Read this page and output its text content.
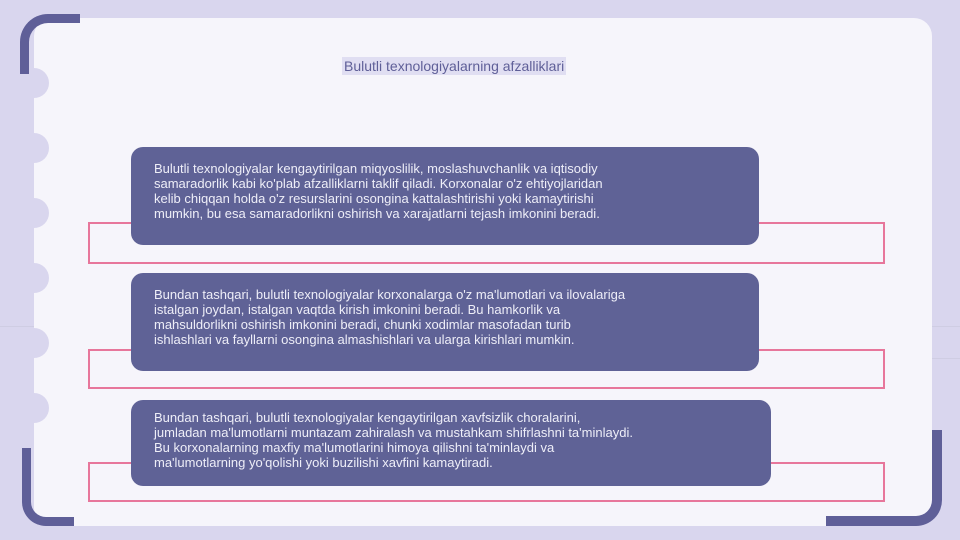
Bulutli texnologiyalarning afzalliklari

Bulutli texnologiyalar kengaytirilgan miqyoslilik, moslashuvchanlik va iqtisodiy
samaradorlik kabi ko'plab afzalliklarni taklif qiladi. Korxonalar o'z ehtiyojlaridan
kelib chiqqan holda o'z resurslarini osongina kattalashtirishi yoki kamaytirishi
mumkin, bu esa samaradorlikni oshirish va xarajatlarni tejash imkonini beradi.

Bundan tashqari, bulutli texnologiyalar korxonalarga o'z ma'lumotlari va ilovalariga
istalgan joydan, istalgan vaqtda kirish imkonini beradi. Bu hamkorlik va
mahsuldorlikni oshirish imkonini beradi, chunki xodimlar masofadan turib
ishlashlari va fayllarni osongina almashishlari va ularga kirishlari mumkin.

Bundan tashqari, bulutli texnologiyalar kengaytirilgan xavfsizlik choralarini,
jumladan ma'lumotlarni muntazam zahiralash va mustahkam shifrlashni ta'minlaydi.
Bu korxonalarning maxfiy ma'lumotlarini himoya qilishni ta'minlaydi va
ma'lumotlarning yo'qolishi yoki buzilishi xavfini kamaytiradi.
